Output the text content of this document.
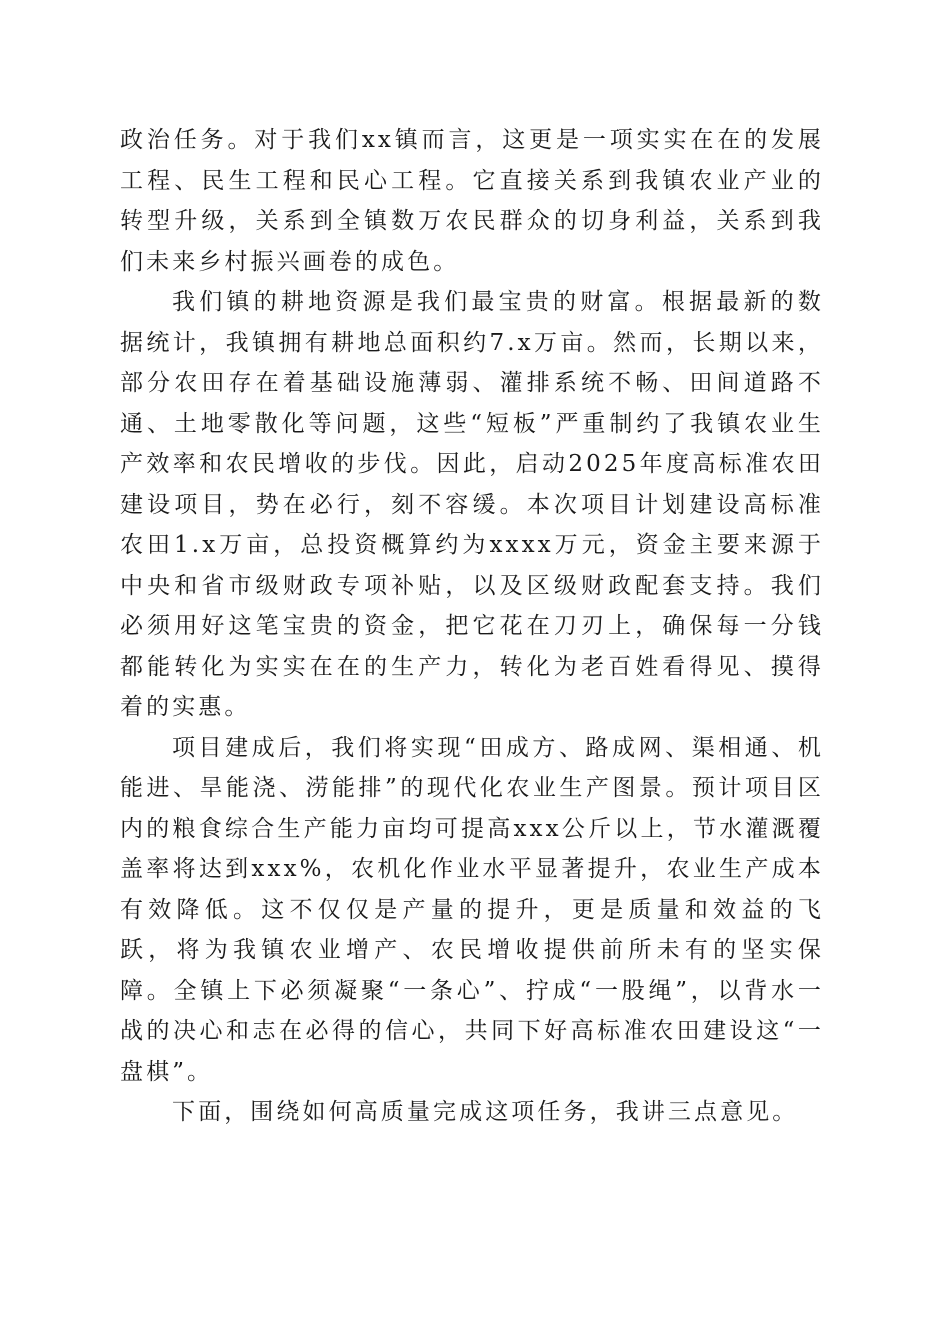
政治任务。对于我们xx镇而言，这更是一项实实在在的发展工程、民生工程和民心工程。它直接关系到我镇农业产业的转型升级，关系到全镇数万农民群众的切身利益，关系到我们未来乡村振兴画卷的成色。

我们镇的耕地资源是我们最宝贵的财富。根据最新的数据统计，我镇拥有耕地总面积约7.x万亩。然而，长期以来，部分农田存在着基础设施薄弱、灌排系统不畅、田间道路不通、土地零散化等问题，这些“短板”严重制约了我镇农业生产效率和农民增收的步伐。因此，启动2025年度高标准农田建设项目，势在必行，刻不容缓。本次项目计划建设高标准农田1.x万亩，总投资概算约为xxxx万元，资金主要来源于中央和省市级财政专项补贴，以及区级财政配套支持。我们必须用好这笔宝贵的资金，把它花在刀刃上，确保每一分钱都能转化为实实在在的生产力，转化为老百姓看得见、摸得着的实惠。

项目建成后，我们将实现“田成方、路成网、渠相通、机能进、旱能浇、涝能排”的现代化农业生产图景。预计项目区内的粮食综合生产能力亩均可提高xxx公斤以上，节水灌溉覆盖率将达到xxx%，农机化作业水平显著提升，农业生产成本有效降低。这不仅仅是产量的提升，更是质量和效益的飞跃，将为我镇农业增产、农民增收提供前所未有的坚实保障。全镇上下必须凝聚“一条心”、拧成“一股绳”，以背水一战的决心和志在必得的信心，共同下好高标准农田建设这“一盘棋”。

下面，围绕如何高质量完成这项任务，我讲三点意见。
